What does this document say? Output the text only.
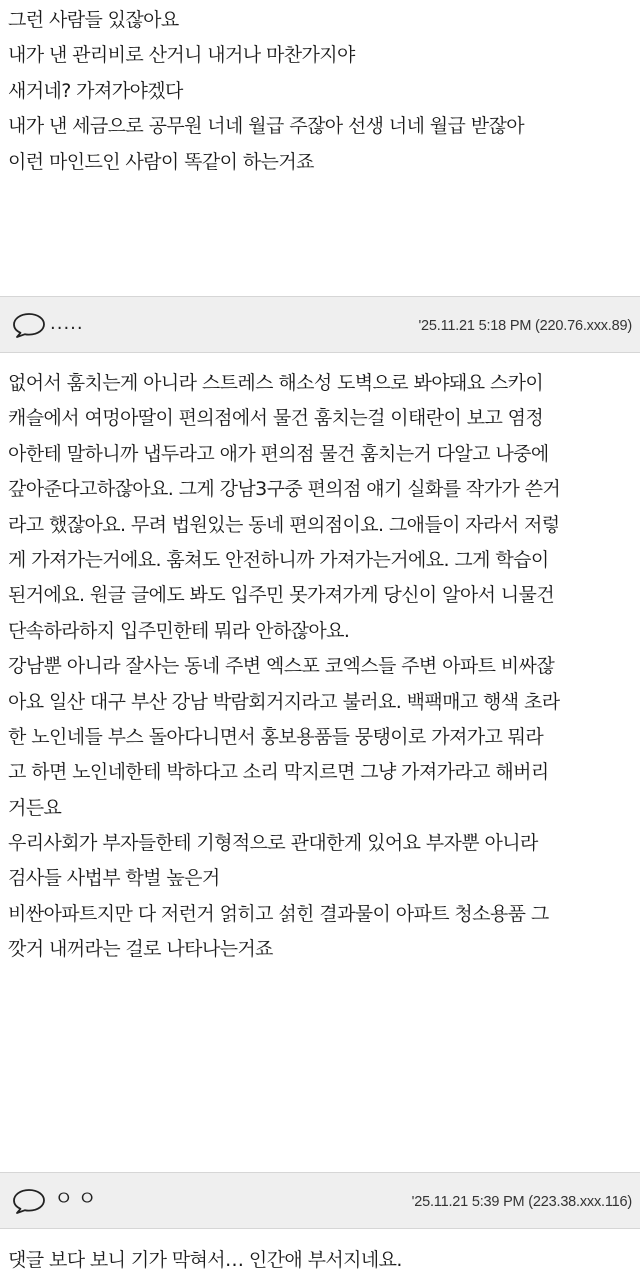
그런 사람들 있잖아요
내가 낸 관리비로 산거니 내거나 마찬가지야
새거네? 가져가야겠다
내가 낸 세금으로 공무원 너네 월급 주잖아 선생 너네 월급 받잖아
이런 마인드인 사람이 똑같이 하는거죠
.....	'25.11.21 5:18 PM (220.76.xxx.89)
없어서 훔치는게 아니라 스트레스 해소성 도벽으로 봐야돼요 스카이
캐슬에서 여멍아딸이 편의점에서 물건 훔치는걸 이태란이 보고 염정
아한테 말하니까 냅두라고 애가 편의점 물건 훔치는거 다알고 나중에
갚아준다고하잖아요. 그게 강남3구중 편의점 얘기 실화를 작가가 쓴거
라고 했잖아요. 무려 법원있는 동네 편의점이요. 그애들이 자라서 저렇
게 가져가는거에요. 훔쳐도 안전하니까 가져가는거에요. 그게 학습이
된거에요. 원글 글에도 봐도 입주민 못가져가게 당신이 알아서 니물건
단속하라하지 입주민한테 뭐라 안하잖아요.
강남뿐 아니라 잘사는 동네 주변 엑스포 코엑스들 주변 아파트 비싸잖
아요 일산 대구 부산 강남 박람회거지라고 불러요. 백팩매고 행색 초라
한 노인네들 부스 돌아다니면서 홍보용품들 뭉탱이로 가져가고 뭐라
고 하면 노인네한테 박하다고 소리 막지르면 그냥 가져가라고 해버리
거든요
우리사회가 부자들한테 기형적으로 관대한게 있어요 부자뿐 아니라
검사들 사법부 학벌 높은거
비싼아파트지만 다 저런거 얽히고 섥힌 결과물이 아파트 청소용품 그
깟거 내꺼라는 걸로 나타나는거죠
ㅇㅇ	'25.11.21 5:39 PM (223.38.xxx.116)
댓글 보다 보니 기가 막혀서… 인간애 부서지네요.
